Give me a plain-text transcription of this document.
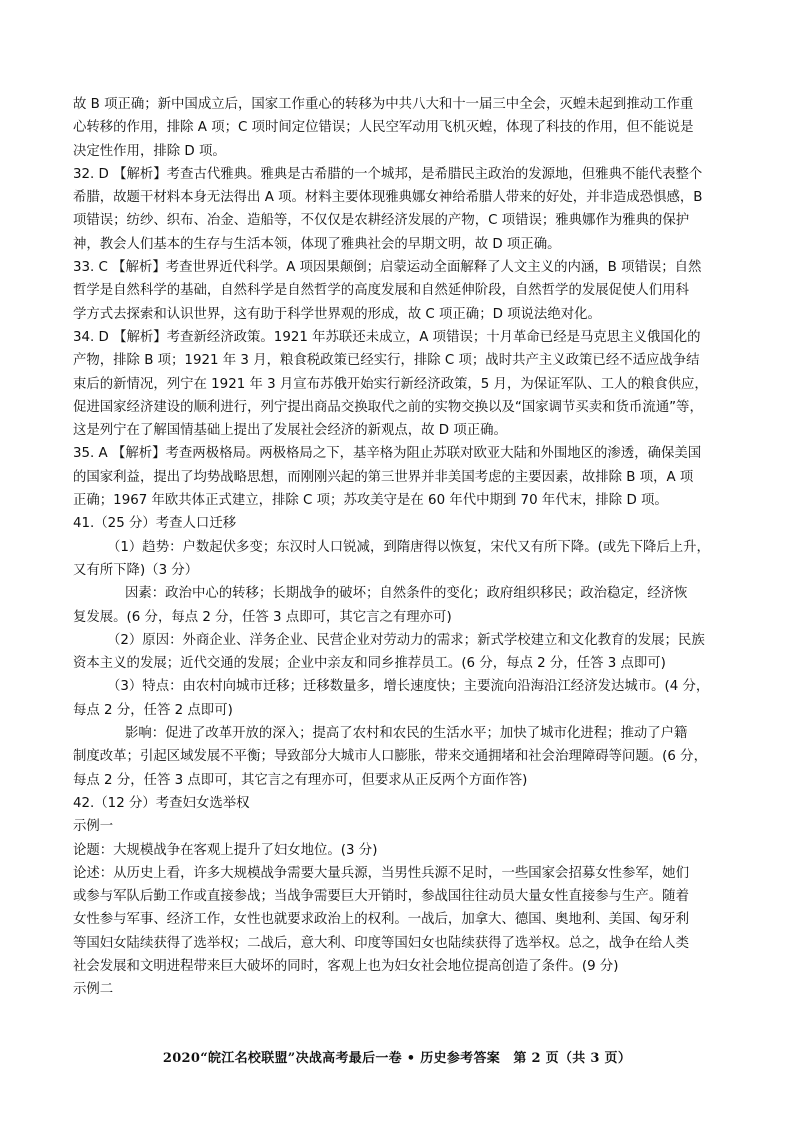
故 B 项正确；新中国成立后，国家工作重心的转移为中共八大和十一届三中全会，灭蝗未起到推动工作重
心转移的作用，排除 A 项；C 项时间定位错误；人民空军动用飞机灭蝗，体现了科技的作用，但不能说是
决定性作用，排除 D 项。
32. D 【解析】考查古代雅典。雅典是古希腊的一个城邦，是希腊民主政治的发源地，但雅典不能代表整个
希腊，故题干材料本身无法得出 A 项。材料主要体现雅典娜女神给希腊人带来的好处，并非造成恐惧感，B
项错误；纺纱、织布、冶金、造船等，不仅仅是农耕经济发展的产物，C 项错误；雅典娜作为雅典的保护
神，教会人们基本的生存与生活本领，体现了雅典社会的早期文明，故 D 项正确。
33. C 【解析】考查世界近代科学。A 项因果颠倒；启蒙运动全面解释了人文主义的内涵，B 项错误；自然
哲学是自然科学的基础，自然科学是自然哲学的高度发展和自然延伸阶段，自然哲学的发展促使人们用科
学方式去探索和认识世界，这有助于科学世界观的形成，故 C 项正确；D 项说法绝对化。
34. D 【解析】考查新经济政策。1921 年苏联还未成立，A 项错误；十月革命已经是马克思主义俄国化的
产物，排除 B 项；1921 年 3 月，粮食税政策已经实行，排除 C 项；战时共产主义政策已经不适应战争结
束后的新情况，列宁在 1921 年 3 月宣布苏俄开始实行新经济政策，5 月，为保证军队、工人的粮食供应，
促进国家经济建设的顺利进行，列宁提出商品交换取代之前的实物交换以及“国家调节买卖和货币流通”等，
这是列宁在了解国情基础上提出了发展社会经济的新观点，故 D 项正确。
35. A 【解析】考查两极格局。两极格局之下，基辛格为阻止苏联对欧亚大陆和外围地区的渗透，确保美国
的国家利益，提出了均势战略思想，而刚刚兴起的第三世界并非美国考虑的主要因素，故排除 B 项，A 项
正确；1967 年欧共体正式建立，排除 C 项；苏攻美守是在 60 年代中期到 70 年代末，排除 D 项。
41.（25 分）考查人口迁移
（1）趋势：户数起伏多变；东汉时人口锐减，到隋唐得以恢复，宋代又有所下降。(或先下降后上升，
又有所下降)（3 分）
因素：政治中心的转移；长期战争的破坏；自然条件的变化；政府组织移民；政治稳定，经济恢
复发展。(6 分，每点 2 分，任答 3 点即可，其它言之有理亦可)
（2）原因：外商企业、洋务企业、民营企业对劳动力的需求；新式学校建立和文化教育的发展；民族
资本主义的发展；近代交通的发展；企业中亲友和同乡推荐员工。(6 分，每点 2 分，任答 3 点即可)
（3）特点：由农村向城市迁移；迁移数量多，增长速度快；主要流向沿海沿江经济发达城市。(4 分，
每点 2 分，任答 2 点即可)
影响：促进了改革开放的深入；提高了农村和农民的生活水平；加快了城市化进程；推动了户籍
制度改革；引起区域发展不平衡；导致部分大城市人口膨胀，带来交通拥堵和社会治理障碍等问题。(6 分，
每点 2 分，任答 3 点即可，其它言之有理亦可，但要求从正反两个方面作答)
42.（12 分）考查妇女选举权
示例一
论题：大规模战争在客观上提升了妇女地位。(3 分)
论述：从历史上看，许多大规模战争需要大量兵源，当男性兵源不足时，一些国家会招募女性参军，她们
或参与军队后勤工作或直接参战；当战争需要巨大开销时，参战国往往动员大量女性直接参与生产。随着
女性参与军事、经济工作，女性也就要求政治上的权利。一战后，加拿大、德国、奥地利、美国、匈牙利
等国妇女陆续获得了选举权；二战后，意大利、印度等国妇女也陆续获得了选举权。总之，战争在给人类
社会发展和文明进程带来巨大破坏的同时，客观上也为妇女社会地位提高创造了条件。(9 分)
示例二
2020“皖江名校联盟”决战高考最后一卷 • 历史参考答案　第 2 页（共 3 页）
